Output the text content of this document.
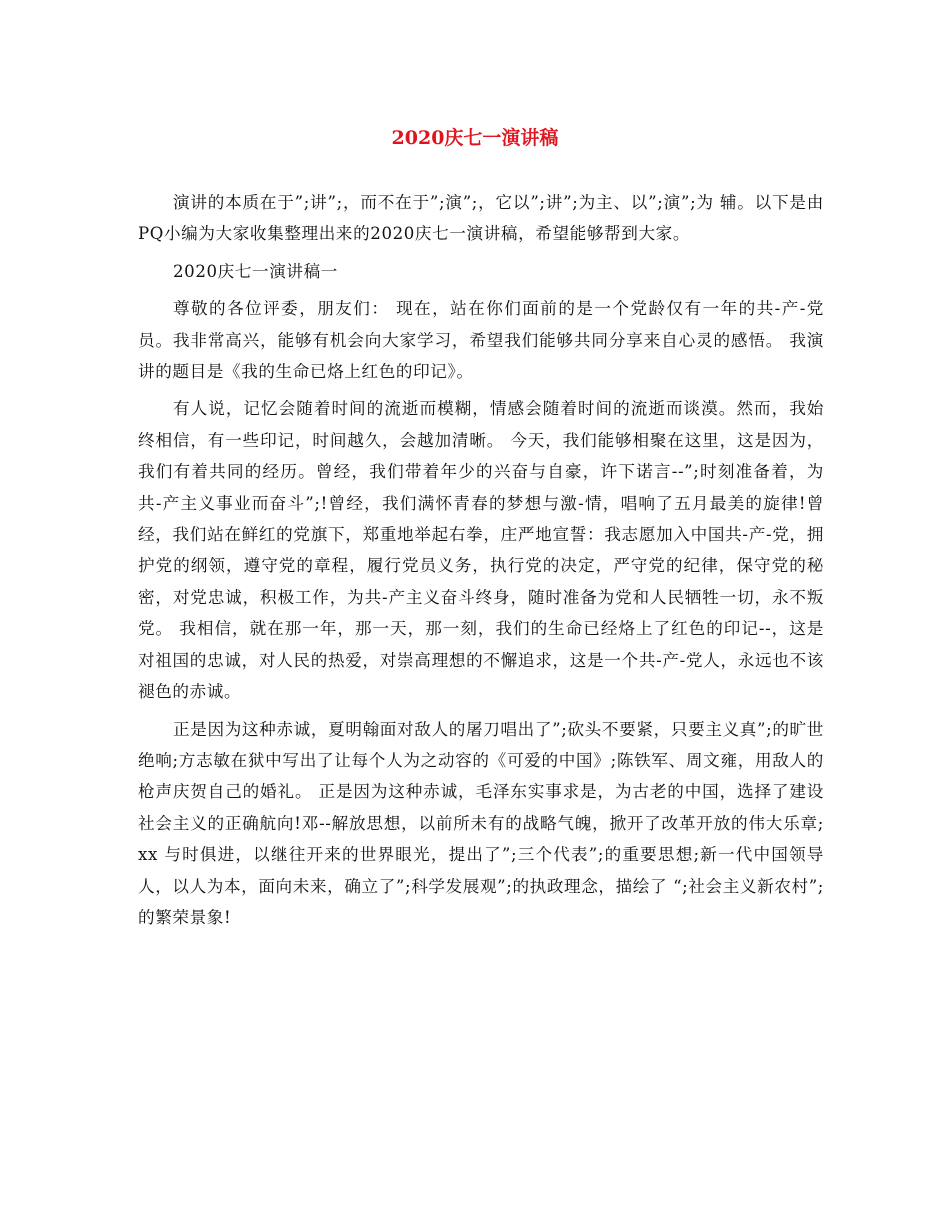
2020庆七一演讲稿

演讲的本质在于”;讲”;，而不在于”;演”;，它以”;讲”;为主、以”;演”;为 辅。以下是由PQ小编为大家收集整理出来的2020庆七一演讲稿，希望能够帮到大家。

2020庆七一演讲稿一

尊敬的各位评委，朋友们： 现在，站在你们面前的是一个党龄仅有一年的共-产-党员。我非常高兴，能够有机会向大家学习，希望我们能够共同分享来自心灵的感悟。 我演讲的题目是《我的生命已烙上红色的印记》。

有人说，记忆会随着时间的流逝而模糊，情感会随着时间的流逝而谈漠。然而，我始终相信，有一些印记，时间越久，会越加清晰。 今天，我们能够相聚在这里，这是因为，我们有着共同的经历。曾经，我们带着年少的兴奋与自豪，许下诺言--”;时刻准备着，为共-产主义事业而奋斗”;!曾经，我们满怀青春的梦想与激-情，唱响了五月最美的旋律!曾经，我们站在鲜红的党旗下，郑重地举起右拳，庄严地宣誓：我志愿加入中国共-产-党，拥护党的纲领，遵守党的章程，履行党员义务，执行党的决定，严守党的纪律，保守党的秘密，对党忠诚，积极工作，为共-产主义奋斗终身，随时准备为党和人民牺牲一切，永不叛党。 我相信，就在那一年，那一天，那一刻，我们的生命已经烙上了红色的印记--，这是对祖国的忠诚，对人民的热爱，对崇高理想的不懈追求，这是一个共-产-党人，永远也不该褪色的赤诚。

正是因为这种赤诚，夏明翰面对敌人的屠刀唱出了”;砍头不要紧，只要主义真”;的旷世绝响;方志敏在狱中写出了让每个人为之动容的《可爱的中国》;陈铁军、周文雍，用敌人的枪声庆贺自己的婚礼。 正是因为这种赤诚，毛泽东实事求是，为古老的中国，选择了建设社会主义的正确航向!邓--解放思想，以前所未有的战略气魄，掀开了改革开放的伟大乐章;xx 与时俱进，以继往开来的世界眼光，提出了”;三个代表”;的重要思想;新一代中国领导人，以人为本，面向未来，确立了”;科学发展观”;的执政理念，描绘了 “;社会主义新农村”;的繁荣景象!
